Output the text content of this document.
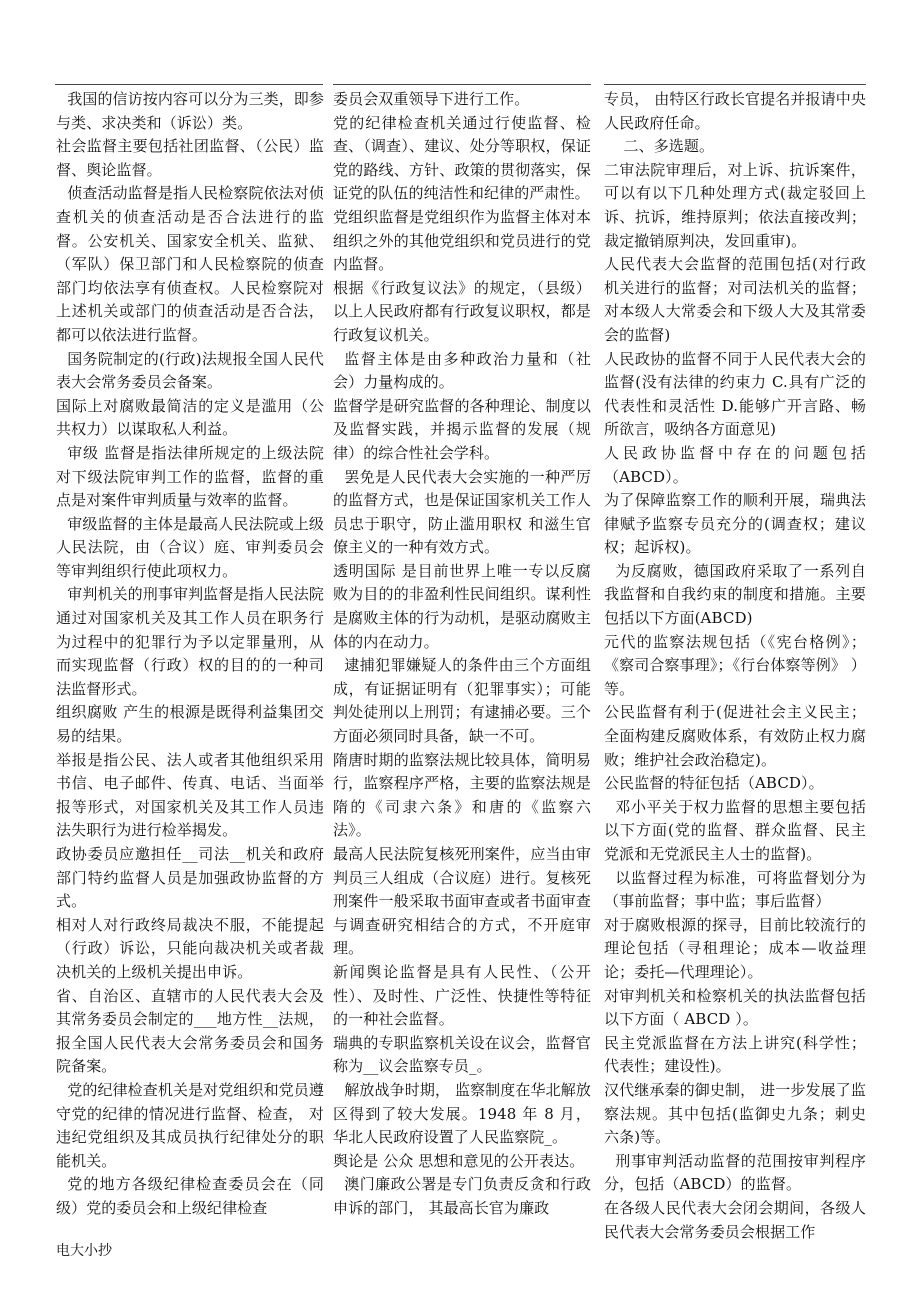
我国的信访按内容可以分为三类，即参与类、求决类和（诉讼）类。

社会监督主要包括社团监督、（公民）监督、舆论监督。

侦查活动监督是指人民检察院依法对侦查机关的侦查活动是否合法进行的监督。公安机关、国家安全机关、监狱、（军队）保卫部门和人民检察院的侦查部门均依法享有侦查权。人民检察院对上述机关或部门的侦查活动是否合法，都可以依法进行监督。

国务院制定的(行政)法规报全国人民代表大会常务委员会备案。

国际上对腐败最简洁的定义是滥用（公共权力）以谋取私人利益。

审级 监督是指法律所规定的上级法院对下级法院审判工作的监督，监督的重点是对案件审判质量与效率的监督。

审级监督的主体是最高人民法院或上级人民法院，由（合议）庭、审判委员会等审判组织行使此项权力。

审判机关的刑事审判监督是指人民法院通过对国家机关及其工作人员在职务行为过程中的犯罪行为予以定罪量刑，从而实现监督（行政）权的目的的一种司法监督形式。

组织腐败 产生的根源是既得利益集团交易的结果。

举报是指公民、法人或者其他组织采用书信、电子邮件、传真、电话、当面举报等形式，对国家机关及其工作人员违法失职行为进行检举揭发。

政协委员应邀担任__司法__机关和政府部门特约监督人员是加强政协监督的方式。

相对人对行政终局裁决不服，不能提起（行政）诉讼，只能向裁决机关或者裁决机关的上级机关提出申诉。

省、自治区、直辖市的人民代表大会及其常务委员会制定的___地方性__法规，报全国人民代表大会常务委员会和国务院备案。

党的纪律检查机关是对党组织和党员遵守党的纪律的情况进行监督、检查， 对违纪党组织及其成员执行纪律处分的职能机关。

党的地方各级纪律检查委员会在（同级）党的委员会和上级纪律检查

委员会双重领导下进行工作。

党的纪律检查机关通过行使监督、检查、（调查）、建议、处分等职权，保证党的路线、方针、政策的贯彻落实，保证党的队伍的纯洁性和纪律的严肃性。

党组织监督是党组织作为监督主体对本组织之外的其他党组织和党员进行的党内监督。

根据《行政复议法》的规定，（县级）以上人民政府都有行政复议职权，都是行政复议机关。

监督主体是由多种政治力量和（社会）力量构成的。

监督学是研究监督的各种理论、制度以及监督实践，并揭示监督的发展（规律）的综合性社会学科。

罢免是人民代表大会实施的一种严厉的监督方式，也是保证国家机关工作人员忠于职守，防止滥用职权 和滋生官僚主义的一种有效方式。

透明国际 是目前世界上唯一专以反腐败为目的的非盈利性民间组织。谋利性是腐败主体的行为动机，是驱动腐败主体的内在动力。

逮捕犯罪嫌疑人的条件由三个方面组成，有证据证明有（犯罪事实）；可能判处徒刑以上刑罚；有逮捕必要。三个方面必须同时具备，缺一不可。

隋唐时期的监察法规比较具体，简明易行，监察程序严格，主要的监察法规是隋的《司隶六条》和唐的《监察六法》。

最高人民法院复核死刑案件，应当由审判员三人组成（合议庭）进行。复核死刑案件一般采取书面审查或者书面审查与调查研究相结合的方式，不开庭审理。

新闻舆论监督是具有人民性、（公开性）、及时性、广泛性、快捷性等特征的一种社会监督。

瑞典的专职监察机关设在议会，监督官称为__议会监察专员_。

解放战争时期， 监察制度在华北解放区得到了较大发展。1948 年 8 月，华北人民政府设置了人民监察院_。

舆论是 公众 思想和意见的公开表达。

澳门廉政公署是专门负责反贪和行政 申诉的部门， 其最高长官为廉政

专员， 由特区行政长官提名并报请中央人民政府任命。

二、多选题。

二审法院审理后，对上诉、抗诉案件，可以有以下几种处理方式(裁定驳回上诉、抗诉，维持原判；依法直接改判；裁定撤销原判决，发回重审)。

人民代表大会监督的范围包括(对行政机关进行的监督；对司法机关的监督；对本级人大常委会和下级人大及其常委会的监督)

人民政协的监督不同于人民代表大会的监督(没有法律的约束力 C.具有广泛的代表性和灵活性 D.能够广开言路、畅所欲言，吸纳各方面意见)

人民政协监督中存在的问题包括（ABCD）。

为了保障监察工作的顺利开展，瑞典法律赋予监察专员充分的(调查权；建议权；起诉权)。

为反腐败，德国政府采取了一系列自我监督和自我约束的制度和措施。主要包括以下方面(ABCD)

元代的监察法规包括（《宪台格例》；《察司合察事理》；《行台体察等例》 ）等。

公民监督有利于(促进社会主义民主；全面构建反腐败体系，有效防止权力腐败；维护社会政治稳定)。

公民监督的特征包括（ABCD）。

邓小平关于权力监督的思想主要包括以下方面(党的监督、群众监督、民主党派和无党派民主人士的监督)。

以监督过程为标准，可将监督划分为（事前监督；事中监；事后监督）

对于腐败根源的探寻，目前比较流行的理论包括（寻租理论；成本—收益理论；委托—代理理论）。

对审判机关和检察机关的执法监督包括以下方面（ ABCD ）。

民主党派监督在方法上讲究(科学性；代表性；建设性)。

汉代继承秦的御史制， 进一步发展了监察法规。其中包括(监御史九条；刺史六条)等。

刑事审判活动监督的范围按审判程序分，包括（ABCD）的监督。

在各级人民代表大会闭会期间，各级人民代表大会常务委员会根据工作

电大小抄
